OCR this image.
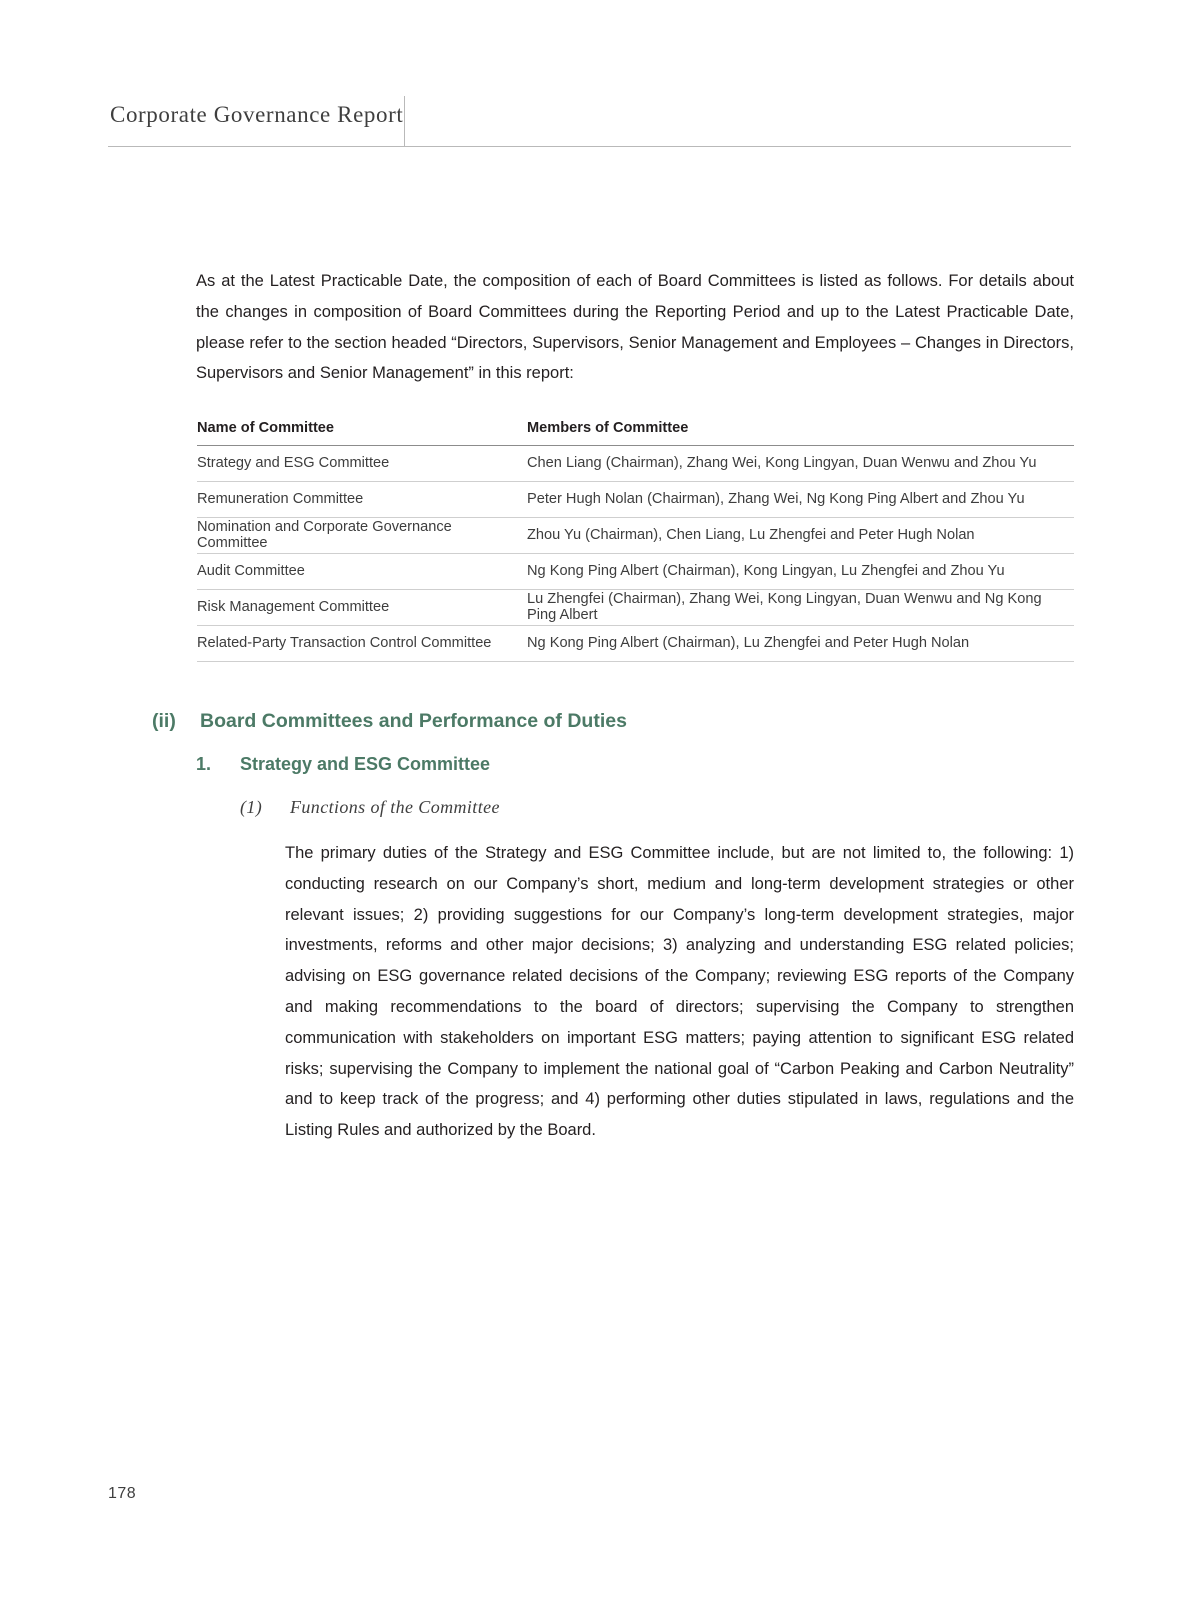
Corporate Governance Report
As at the Latest Practicable Date, the composition of each of Board Committees is listed as follows. For details about the changes in composition of Board Committees during the Reporting Period and up to the Latest Practicable Date, please refer to the section headed “Directors, Supervisors, Senior Management and Employees – Changes in Directors, Supervisors and Senior Management” in this report:
Name of Committee	Members of Committee
Strategy and ESG Committee	Chen Liang (Chairman), Zhang Wei, Kong Lingyan, Duan Wenwu and Zhou Yu
Remuneration Committee	Peter Hugh Nolan (Chairman), Zhang Wei, Ng Kong Ping Albert and Zhou Yu
Nomination and Corporate Governance Committee	Zhou Yu (Chairman), Chen Liang, Lu Zhengfei and Peter Hugh Nolan
Audit Committee	Ng Kong Ping Albert (Chairman), Kong Lingyan, Lu Zhengfei and Zhou Yu
Risk Management Committee	Lu Zhengfei (Chairman), Zhang Wei, Kong Lingyan, Duan Wenwu and Ng Kong Ping Albert
Related-Party Transaction Control Committee	Ng Kong Ping Albert (Chairman), Lu Zhengfei and Peter Hugh Nolan
(ii) Board Committees and Performance of Duties
1. Strategy and ESG Committee
(1) Functions of the Committee
The primary duties of the Strategy and ESG Committee include, but are not limited to, the following: 1) conducting research on our Company’s short, medium and long-term development strategies or other relevant issues; 2) providing suggestions for our Company’s long-term development strategies, major investments, reforms and other major decisions; 3) analyzing and understanding ESG related policies; advising on ESG governance related decisions of the Company; reviewing ESG reports of the Company and making recommendations to the board of directors; supervising the Company to strengthen communication with stakeholders on important ESG matters; paying attention to significant ESG related risks; supervising the Company to implement the national goal of “Carbon Peaking and Carbon Neutrality” and to keep track of the progress; and 4) performing other duties stipulated in laws, regulations and the Listing Rules and authorized by the Board.
178
